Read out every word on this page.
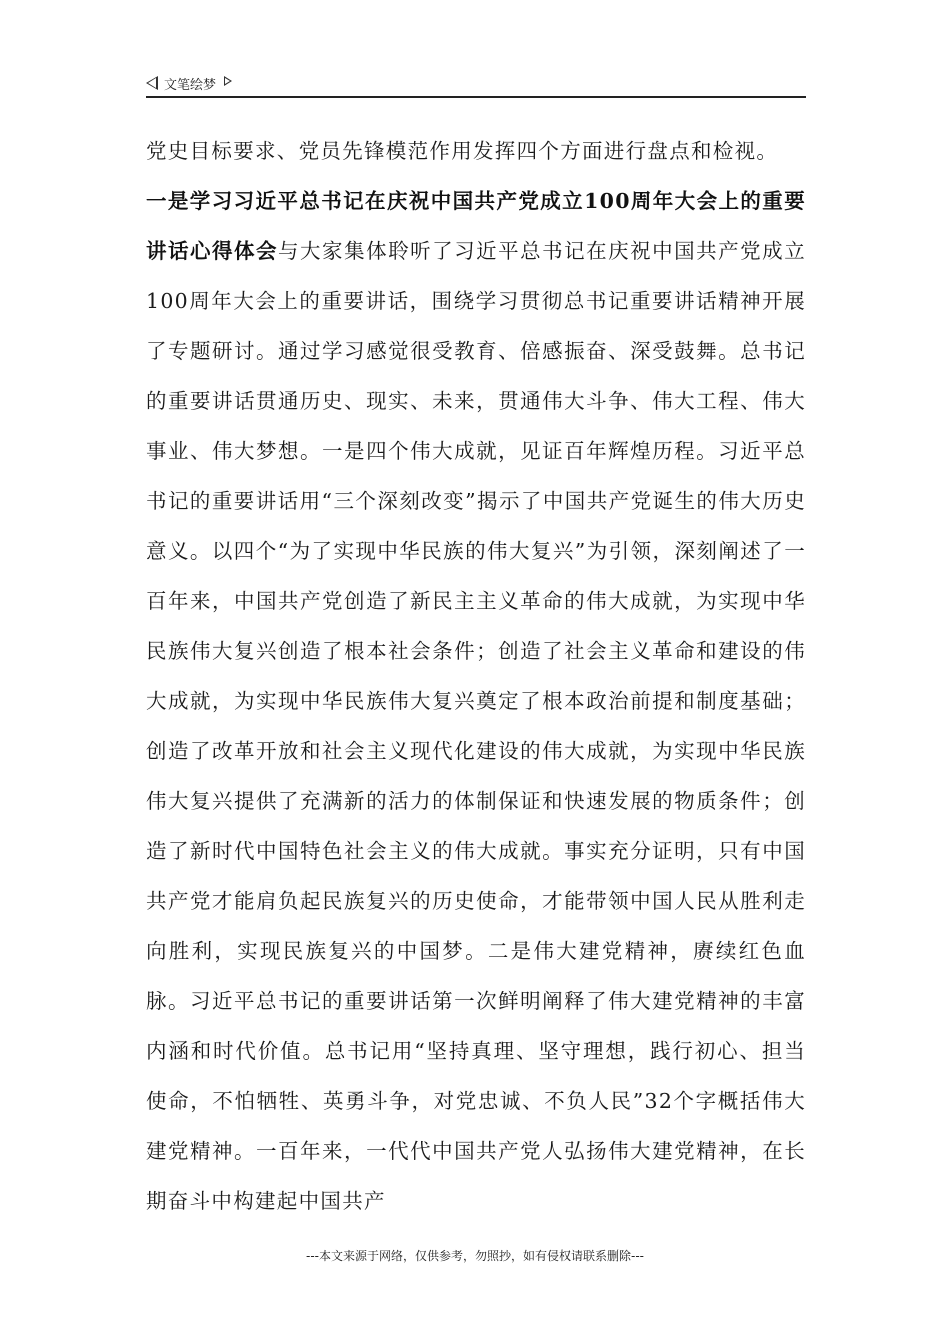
文笔绘梦

党史目标要求、党员先锋模范作用发挥四个方面进行盘点和检视。
一是学习习近平总书记在庆祝中国共产党成立100周年大会上的重要讲话心得体会与大家集体聆听了习近平总书记在庆祝中国共产党成立100周年大会上的重要讲话，围绕学习贯彻总书记重要讲话精神开展了专题研讨。通过学习感觉很受教育、倍感振奋、深受鼓舞。总书记的重要讲话贯通历史、现实、未来，贯通伟大斗争、伟大工程、伟大事业、伟大梦想。一是四个伟大成就，见证百年辉煌历程。习近平总书记的重要讲话用“三个深刻改变”揭示了中国共产党诞生的伟大历史意义。以四个“为了实现中华民族的伟大复兴”为引领，深刻阐述了一百年来，中国共产党创造了新民主主义革命的伟大成就，为实现中华民族伟大复兴创造了根本社会条件；创造了社会主义革命和建设的伟大成就，为实现中华民族伟大复兴奠定了根本政治前提和制度基础；创造了改革开放和社会主义现代化建设的伟大成就，为实现中华民族伟大复兴提供了充满新的活力的体制保证和快速发展的物质条件；创造了新时代中国特色社会主义的伟大成就。事实充分证明，只有中国共产党才能肩负起民族复兴的历史使命，才能带领中国人民从胜利走向胜利，实现民族复兴的中国梦。二是伟大建党精神，赓续红色血脉。习近平总书记的重要讲话第一次鲜明阐释了伟大建党精神的丰富内涵和时代价值。总书记用“坚持真理、坚守理想，践行初心、担当使命，不怕牺牲、英勇斗争，对党忠诚、不负人民”32个字概括伟大建党精神。一百年来，一代代中国共产党人弘扬伟大建党精神，在长期奋斗中构建起中国共产

---本文来源于网络，仅供参考，勿照抄，如有侵权请联系删除---
